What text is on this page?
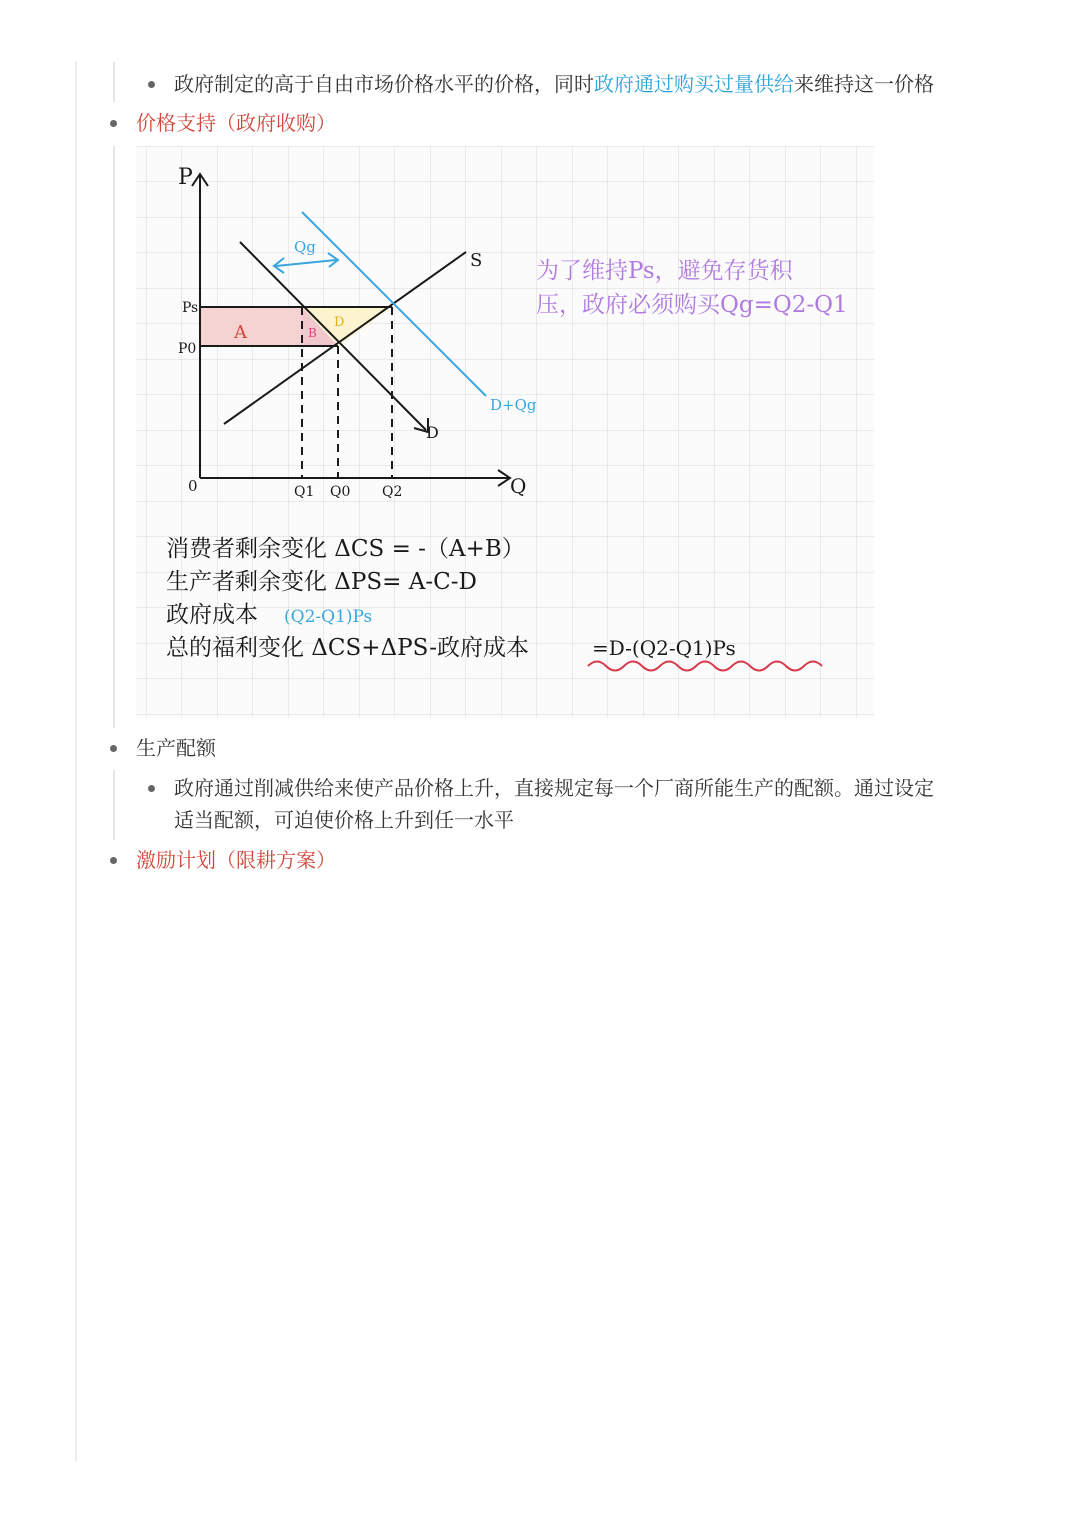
政府制定的高于自由市场价格水平的价格，同时政府通过购买过量供给来维持这一价格
价格支持（政府收购）
P
Q
0
Ps
P0
Q1 Q0 Q2
S
D
D+Qg
Qg
A	B
D
为了维持Ps，避免存货积
压，政府必须购买Qg=Q2-Q1
消费者剩余变化 ΔCS = -（A+B）
生产者剩余变化 ΔPS= A-C-D
政府成本 (Q2-Q1)Ps
总的福利变化 ΔCS+ΔPS-政府成本	=D-(Q2-Q1)Ps
生产配额
政府通过削减供给来使产品价格上升，直接规定每一个厂商所能生产的配额。通过设定
适当配额，可迫使价格上升到任一水平
激励计划（限耕方案）
